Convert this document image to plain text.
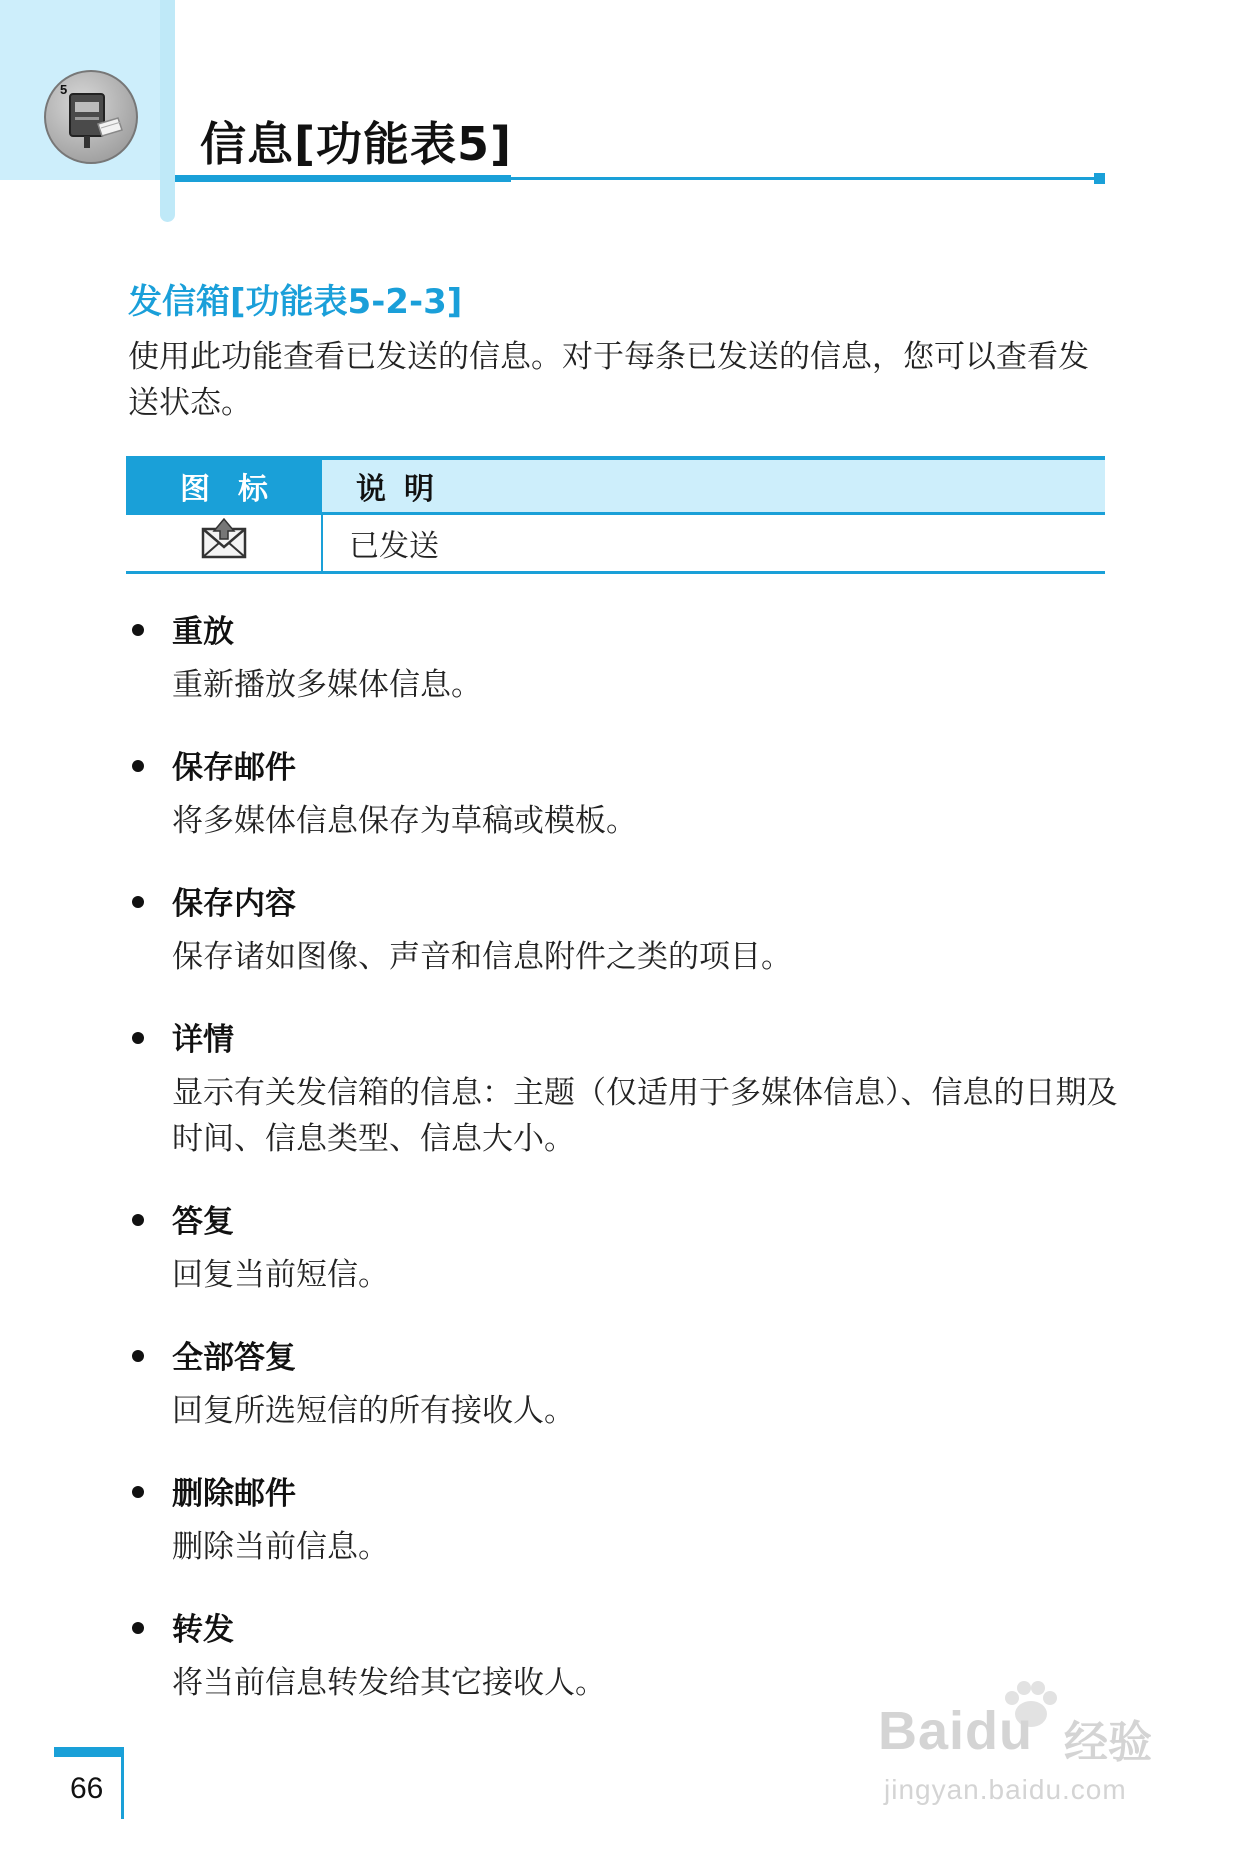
5
信息[功能表5]
发信箱[功能表5-2-3]
使用此功能查看已发送的信息。对于每条已发送的信息，您可以查看发送状态。
图标	说明
	已发送
重放
重新播放多媒体信息。
保存邮件
将多媒体信息保存为草稿或模板。
保存内容
保存诸如图像、声音和信息附件之类的项目。
详情
显示有关发信箱的信息：主题（仅适用于多媒体信息）、信息的日期及时间、信息类型、信息大小。
答复
回复当前短信。
全部答复
回复所选短信的所有接收人。
删除邮件
删除当前信息。
转发
将当前信息转发给其它接收人。
66
Baidu 经验
jingyan.baidu.com
